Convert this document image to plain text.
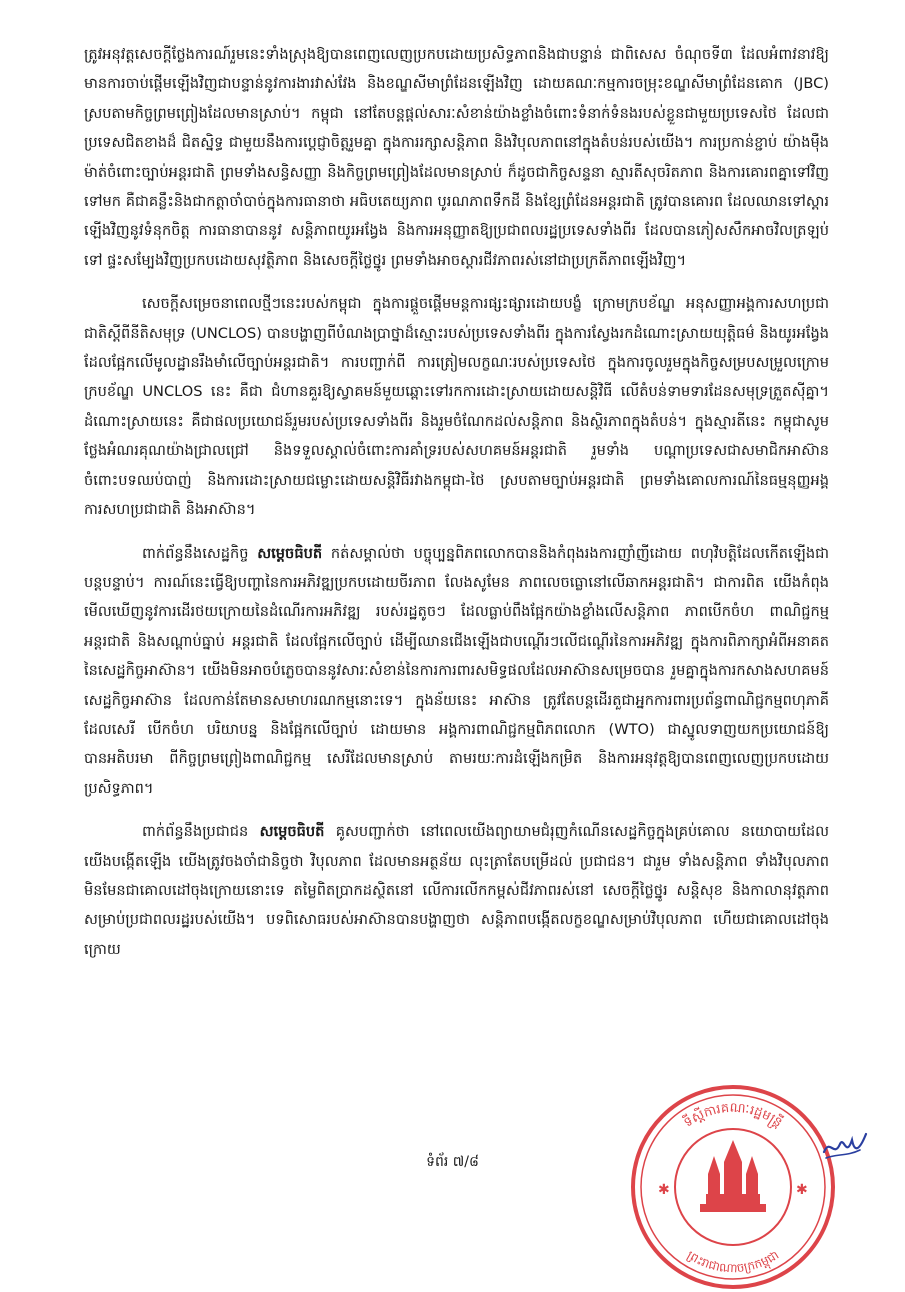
ត្រូវអនុវត្តសេចក្ដីថ្លែងការណ៍រួមនេះទាំងស្រុងឱ្យបានពេញលេញប្រកបដោយប្រសិទ្ធភាពនិងជាបន្ទាន់ ជាពិសេស ចំណុចទី៣ ដែលអំពាវនាវឱ្យមានការចាប់ផ្ដើមឡើងវិញជាបន្ទាន់នូវការងារវាស់វែង និងខណ្ឌសីមាព្រំដែនឡើងវិញ ដោយគណៈកម្មការចម្រុះខណ្ឌសីមាព្រំដែនគោក (JBC) ស្របតាមកិច្ចព្រមព្រៀងដែលមានស្រាប់។ កម្ពុជា នៅតែបន្តផ្ដល់សារៈសំខាន់យ៉ាងខ្លាំងចំពោះទំនាក់ទំនងរបស់ខ្លួនជាមួយប្រទេសថៃ ដែលជាប្រទេសជិតខាងដ៏ ជិតស្និទ្ធ ជាមួយនឹងការប្ដេជ្ញាចិត្តរួមគ្នា ក្នុងការរក្សាសន្តិភាព និងវិបុលភាពនៅក្នុងតំបន់របស់យើង។ ការប្រកាន់ខ្ជាប់ យ៉ាងម៉ឺងម៉ាត់ចំពោះច្បាប់អន្តរជាតិ ព្រមទាំងសន្ធិសញ្ញា និងកិច្ចព្រមព្រៀងដែលមានស្រាប់ ក៏ដូចជាកិច្ចសន្ទនា ស្មារតីសុចរិតភាព និងការគោរពគ្នាទៅវិញទៅមក គឺជាគន្លឹះនិងជាកត្តាចាំបាច់ក្នុងការធានាថា អធិបតេយ្យភាព បូរណភាពទឹកដី និងខ្សែព្រំដែនអន្តរជាតិ ត្រូវបានគោរព ដែលឈានទៅស្ដារឡើងវិញនូវទំនុកចិត្ត ការធានាបាននូវ សន្តិភាពយូរអង្វែង និងការអនុញ្ញាតឱ្យប្រជាពលរដ្ឋប្រទេសទាំងពីរ ដែលបានភៀសសឹកអាចវិលត្រឡប់ទៅ ផ្ទះសម្បែងវិញប្រកបដោយសុវត្ថិភាព និងសេចក្ដីថ្លៃថ្នូរ ព្រមទាំងអាចស្ដារជីវភាពរស់នៅជាប្រក្រតីភាពឡើងវិញ។

សេចក្ដីសម្រេចនាពេលថ្មីៗនេះរបស់កម្ពុជា ក្នុងការផ្ដួចផ្ដើមមន្តការផ្សះផ្សារដោយបង្ខំ ក្រោមក្របខ័ណ្ឌ អនុសញ្ញាអង្គការសហប្រជាជាតិស្ដីពីនីតិសមុទ្រ (UNCLOS) បានបង្ហាញពីបំណងប្រាថ្នាដ៏ស្មោះរបស់ប្រទេសទាំងពីរ ក្នុងការស្វែងរកដំណោះស្រាយយុត្តិធម៌ និងយូរអង្វែង ដែលផ្អែកលើមូលដ្ឋានរឹងមាំលើច្បាប់អន្តរជាតិ។ ការបញ្ជាក់ពី ការត្រៀមលក្ខណៈរបស់ប្រទេសថៃ ក្នុងការចូលរួមក្នុងកិច្ចសម្របសម្រួលក្រោមក្របខ័ណ្ឌ UNCLOS នេះ គឺជា ជំហានគួរឱ្យស្វាគមន៍មួយឆ្ពោះទៅរកការដោះស្រាយដោយសន្តិវិធី លើតំបន់ទាមទារដែនសមុទ្រត្រួតស៊ីគ្នា។ ដំណោះស្រាយនេះ គឺជាផលប្រយោជន៍រួមរបស់ប្រទេសទាំងពីរ និងរួមចំណែកដល់សន្តិភាព និងស្ថិរភាពក្នុងតំបន់។ ក្នុងស្មារតីនេះ កម្ពុជាសូមថ្លែងអំណរគុណយ៉ាងជ្រាលជ្រៅ និងទទួលស្គាល់ចំពោះការគាំទ្ររបស់សហគមន៍អន្តរជាតិ រួមទាំង បណ្ដាប្រទេសជាសមាជិកអាស៊ាន ចំពោះបទឈប់បាញ់ និងការដោះស្រាយជម្លោះដោយសន្តិវិធីរវាងកម្ពុជា-ថៃ ស្របតាមច្បាប់អន្តរជាតិ ព្រមទាំងគោលការណ៍នៃធម្មនុញ្ញអង្គការសហប្រជាជាតិ និងអាស៊ាន។

ពាក់ព័ន្ធនឹងសេដ្ឋកិច្ច សម្ដេចធិបតី កត់សម្គាល់ថា បច្ចុប្បន្នពិភពលោកបាននិងកំពុងរងការញាំញីដោយ ពហុវិបត្តិដែលកើតឡើងជាបន្តបន្ទាប់។ ការណ៍នេះធ្វើឱ្យបញ្ហានៃការអភិវឌ្ឍប្រកបដោយចីរភាព លែងសូមែន ភាពលេចធ្លោនៅលើឆាកអន្តរជាតិ។ ជាការពិត យើងកំពុងមើលឃើញនូវការដើរថយក្រោយនៃដំណើរការអភិវឌ្ឍ របស់រដ្ឋតូចៗ ដែលធ្លាប់ពឹងផ្អែកយ៉ាងខ្លាំងលើសន្តិភាព ភាពបើកចំហ ពាណិជ្ជកម្មអន្តរជាតិ និងសណ្ដាប់ធ្នាប់ អន្តរជាតិ ដែលផ្អែកលើច្បាប់ ដើម្បីឈានជើងឡើងជាបណ្ដើរៗលើជណ្ដើរនៃការអភិវឌ្ឍ ក្នុងការពិភាក្សាអំពីអនាគត នៃសេដ្ឋកិច្ចអាស៊ាន។ យើងមិនអាចបំភ្លេចបាននូវសារៈសំខាន់នៃការការពារសមិទ្ធផលដែលអាស៊ានសម្រេចបាន រួមគ្នាក្នុងការកសាងសហគមន៍សេដ្ឋកិច្ចអាស៊ាន ដែលកាន់តែមានសមាហរណកម្មនោះទេ។ ក្នុងន័យនេះ អាស៊ាន ត្រូវតែបន្តដើរតួជាអ្នកការពារប្រព័ន្ធពាណិជ្ជកម្មពហុភាគី ដែលសេរី បើកចំហ បរិយាបន្ន និងផ្អែកលើច្បាប់ ដោយមាន អង្គការពាណិជ្ជកម្មពិភពលោក (WTO) ជាស្នូលទាញយកប្រយោជន៍ឱ្យបានអតិបរមា ពីកិច្ចព្រមព្រៀងពាណិជ្ជកម្ម សេរីដែលមានស្រាប់ តាមរយៈការដំឡើងកម្រិត និងការអនុវត្តឱ្យបានពេញលេញប្រកបដោយប្រសិទ្ធភាព។

ពាក់ព័ន្ធនឹងប្រជាជន សម្ដេចធិបតី គូសបញ្ជាក់ថា នៅពេលយើងព្យាយាមជំរុញកំណើនសេដ្ឋកិច្ចក្នុងគ្រប់គោល នយោបាយដែលយើងបង្កើតឡើង យើងត្រូវចងចាំជានិច្ចថា វិបុលភាព ដែលមានអត្ថន័យ លុះត្រាតែបម្រើដល់ ប្រជាជន។ ជារួម ទាំងសន្តិភាព ទាំងវិបុលភាព មិនមែនជាគោលដៅចុងក្រោយនោះទេ តម្លៃពិតប្រាកដស្ថិតនៅ លើការលើកកម្ពស់ជីវភាពរស់នៅ សេចក្ដីថ្លៃថ្នូរ សន្តិសុខ និងកាលានុវត្តភាពសម្រាប់ប្រជាពលរដ្ឋរបស់យើង។ បទពិសោធរបស់អាស៊ានបានបង្ហាញថា សន្តិភាពបង្កើតលក្ខខណ្ឌសម្រាប់វិបុលភាព ហើយជាគោលដៅចុងក្រោយ

ទំព័រ ៧/៨
ទីស្ដីការគណៈរដ្ឋមន្ត្រី
ព្រះរាជាណាចក្រកម្ពុជា
✱	✱
